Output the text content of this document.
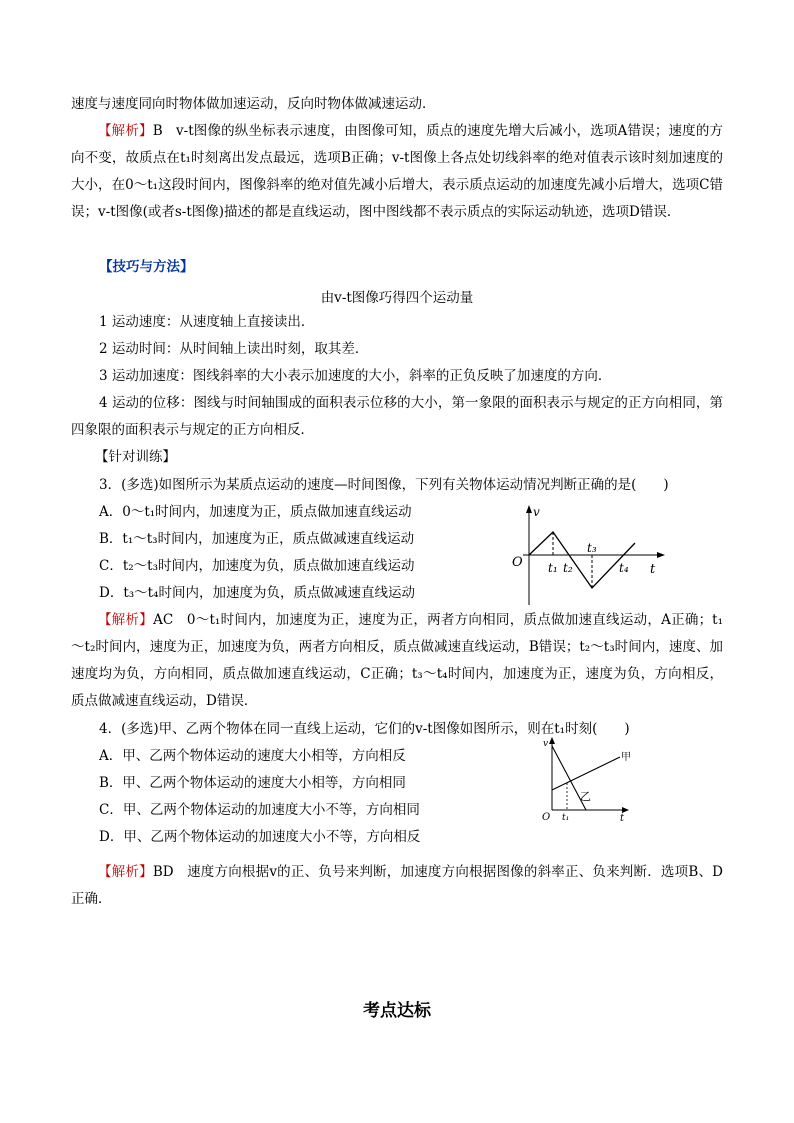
速度与速度同向时物体做加速运动，反向时物体做减速运动．

【解析】B v-t图像的纵坐标表示速度，由图像可知，质点的速度先增大后减小，选项A错误；速度的方向不变，故质点在t₁时刻离出发点最远，选项B正确；v-t图像上各点处切线斜率的绝对值表示该时刻加速度的大小，在0～t₁这段时间内，图像斜率的绝对值先减小后增大，表示质点运动的加速度先减小后增大，选项C错误；v-t图像(或者s-t图像)描述的都是直线运动，图中图线都不表示质点的实际运动轨迹，选项D错误．

【技巧与方法】

由v-t图像巧得四个运动量

1 运动速度：从速度轴上直接读出．

2 运动时间：从时间轴上读出时刻，取其差．

3 运动加速度：图线斜率的大小表示加速度的大小，斜率的正负反映了加速度的方向．

4 运动的位移：图线与时间轴围成的面积表示位移的大小，第一象限的面积表示与规定的正方向相同，第四象限的面积表示与规定的正方向相反．

【针对训练】

3．(多选)如图所示为某质点运动的速度—时间图像，下列有关物体运动情况判断正确的是(　　)

A．0～t₁时间内，加速度为正，质点做加速直线运动
B．t₁～t₃时间内，加速度为正，质点做减速直线运动
C．t₂～t₃时间内，加速度为负，质点做加速直线运动
D．t₃～t₄时间内，加速度为负，质点做减速直线运动
v
O	t
t₁ t₂
t₃
t₄

【解析】AC 0～t₁时间内，加速度为正，速度为正，两者方向相同，质点做加速直线运动，A正确；t₁～t₂时间内，速度为正，加速度为负，两者方向相反，质点做减速直线运动，B错误；t₂～t₃时间内，速度、加速度均为负，方向相同，质点做加速直线运动，C正确；t₃～t₄时间内，加速度为正，速度为负，方向相反，质点做减速直线运动，D错误．

4．(多选)甲、乙两个物体在同一直线上运动，它们的v-t图像如图所示，则在t₁时刻(　　)

A．甲、乙两个物体运动的速度大小相等，方向相反
B．甲、乙两个物体运动的速度大小相等，方向相同
C．甲、乙两个物体运动的加速度大小不等，方向相同
D．甲、乙两个物体运动的加速度大小不等，方向相反
v
O	t
t₁
甲
乙

【解析】BD 速度方向根据v的正、负号来判断，加速度方向根据图像的斜率正、负来判断．选项B、D正确．

考点达标
